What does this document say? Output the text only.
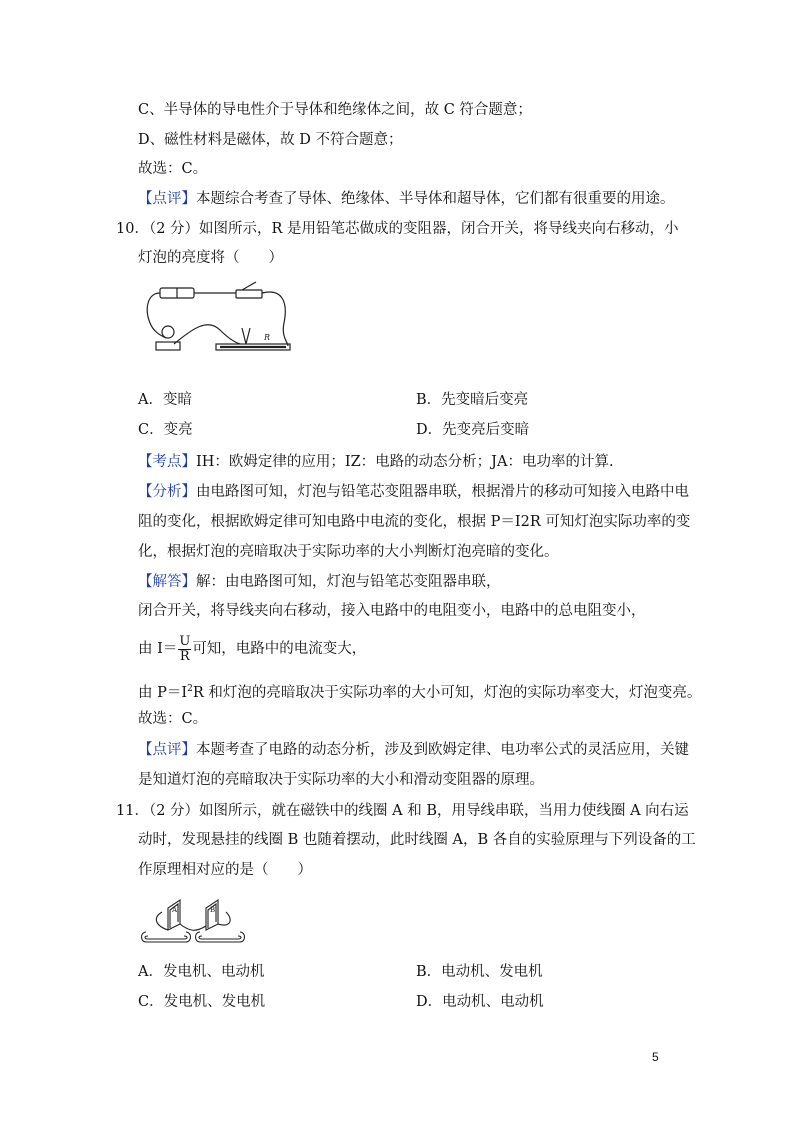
C、半导体的导电性介于导体和绝缘体之间，故 C 符合题意；
D、磁性材料是磁体，故 D 不符合题意；
故选：C。
【点评】本题综合考查了导体、绝缘体、半导体和超导体，它们都有很重要的用途。
10．（2 分）如图所示，R 是用铅笔芯做成的变阻器，闭合开关，将导线夹向右移动，小
灯泡的亮度将（　　）
R
A．变暗	B．先变暗后变亮
C．变亮	D．先变亮后变暗
【考点】IH：欧姆定律的应用；IZ：电路的动态分析；JA：电功率的计算.
【分析】由电路图可知，灯泡与铅笔芯变阻器串联，根据滑片的移动可知接入电路中电
阻的变化，根据欧姆定律可知电路中电流的变化，根据 P＝I2R 可知灯泡实际功率的变
化，根据灯泡的亮暗取决于实际功率的大小判断灯泡亮暗的变化。
【解答】解：由电路图可知，灯泡与铅笔芯变阻器串联，
闭合开关，将导线夹向右移动，接入电路中的电阻变小，电路中的总电阻变小，
由 $I= \frac{U}{R}$ 可知，电路中的电流变大，
由 $P=I^2R$ 和灯泡的亮暗取决于实际功率的大小可知，灯泡的实际功率变大，灯泡变亮。
故选：C。
【点评】本题考查了电路的动态分析，涉及到欧姆定律、电功率公式的灵活应用，关键
是知道灯泡的亮暗取决于实际功率的大小和滑动变阻器的原理。
11．（2 分）如图所示，就在磁铁中的线圈 A 和 B，用导线串联，当用力使线圈 A 向右运
动时，发现悬挂的线圈 B 也随着摆动，此时线圈 A，B 各自的实验原理与下列设备的工
作原理相对应的是（　　）
A	B
A．发电机、电动机	B．电动机、发电机
C．发电机、发电机	D．电动机、电动机
5
